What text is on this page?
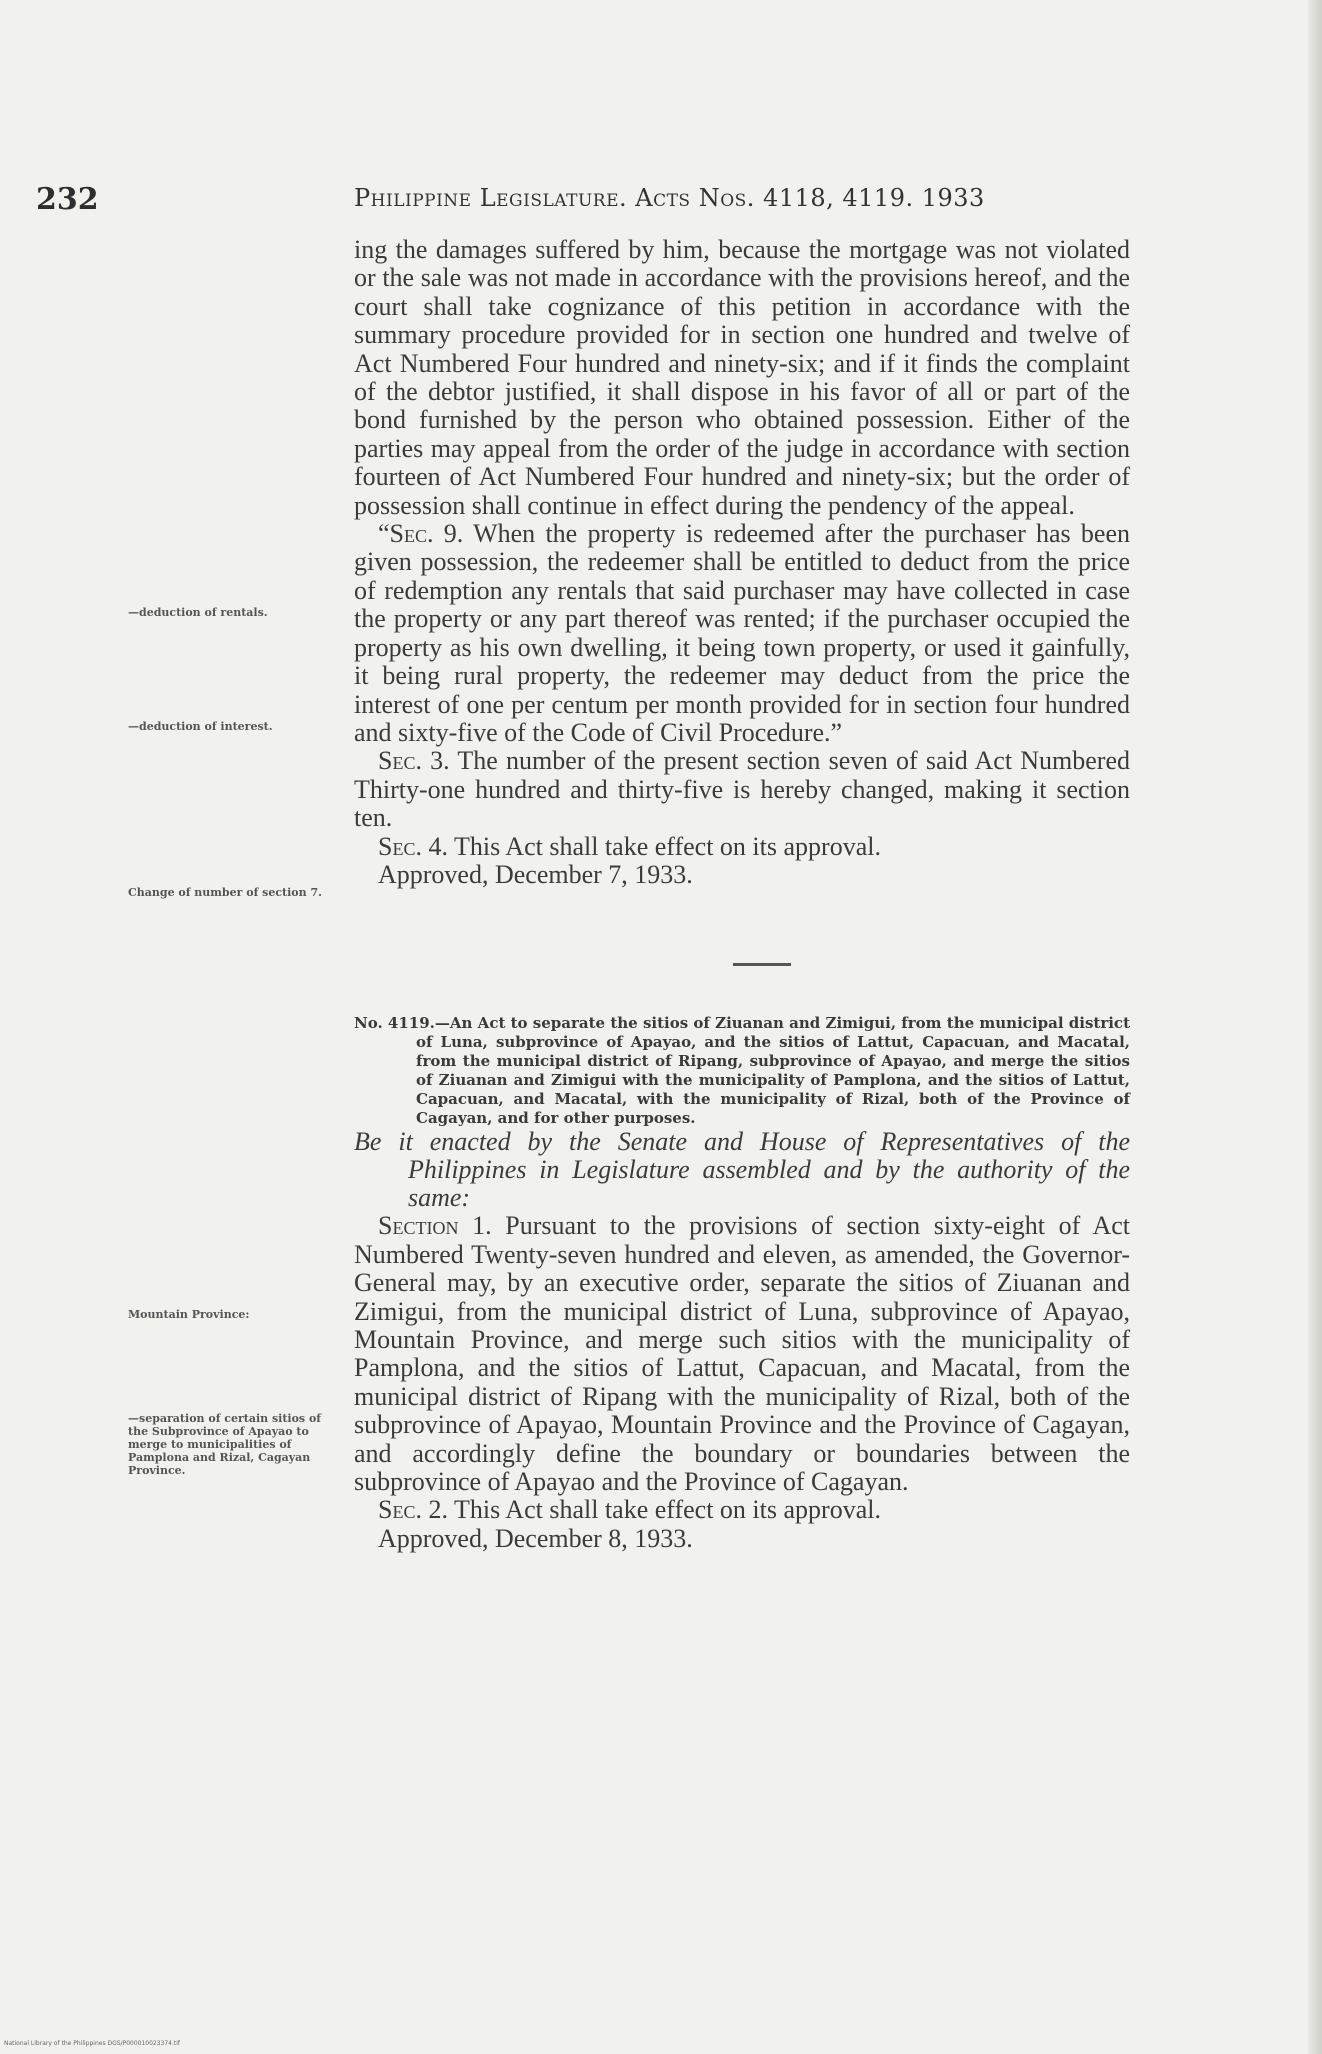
232	Philippine Legislature. Acts Nos. 4118, 4119. 1933
—deduction of rentals.
—deduction of interest.
Change of number of section 7.
Mountain Province:
—separation of certain sitios of the Subprovince of Apayao to merge to municipalities of Pamplona and Rizal, Cagayan Province.

ing the damages suffered by him, because the mortgage was not violated or the sale was not made in accordance with the provisions hereof, and the court shall take cognizance of this petition in accordance with the summary procedure provided for in section one hundred and twelve of Act Numbered Four hundred and ninety-six; and if it finds the complaint of the debtor justified, it shall dispose in his favor of all or part of the bond furnished by the person who obtained possession. Either of the parties may appeal from the order of the judge in accordance with section fourteen of Act Numbered Four hundred and ninety-six; but the order of possession shall continue in effect during the pendency of the appeal.

“Sec. 9. When the property is redeemed after the purchaser has been given possession, the redeemer shall be entitled to deduct from the price of redemption any rentals that said purchaser may have collected in case the property or any part thereof was rented; if the purchaser occupied the property as his own dwelling, it being town property, or used it gainfully, it being rural property, the redeemer may deduct from the price the interest of one per centum per month provided for in section four hundred and sixty-five of the Code of Civil Procedure.”

Sec. 3. The number of the present section seven of said Act Numbered Thirty-one hundred and thirty-five is hereby changed, making it section ten.

Sec. 4. This Act shall take effect on its approval.

Approved, December 7, 1933.

No. 4119.—An Act to separate the sitios of Ziuanan and Zimigui, from the municipal district of Luna, subprovince of Apayao, and the sitios of Lattut, Capacuan, and Macatal, from the municipal district of Ripang, subprovince of Apayao, and merge the sitios of Ziuanan and Zimigui with the municipality of Pamplona, and the sitios of Lattut, Capacuan, and Macatal, with the municipality of Rizal, both of the Province of Cagayan, and for other purposes.

Be it enacted by the Senate and House of Representatives of the Philippines in Legislature assembled and by the authority of the same:

Section 1. Pursuant to the provisions of section sixty-eight of Act Numbered Twenty-seven hundred and eleven, as amended, the Governor-General may, by an executive order, separate the sitios of Ziuanan and Zimigui, from the municipal district of Luna, subprovince of Apayao, Mountain Province, and merge such sitios with the municipality of Pamplona, and the sitios of Lattut, Capacuan, and Macatal, from the municipal district of Ripang with the municipality of Rizal, both of the subprovince of Apayao, Mountain Province and the Province of Cagayan, and accordingly define the boundary or boundaries between the subprovince of Apayao and the Province of Cagayan.

Sec. 2. This Act shall take effect on its approval.

Approved, December 8, 1933.

National Library of the Philippines DGS/P000010023374.tif
